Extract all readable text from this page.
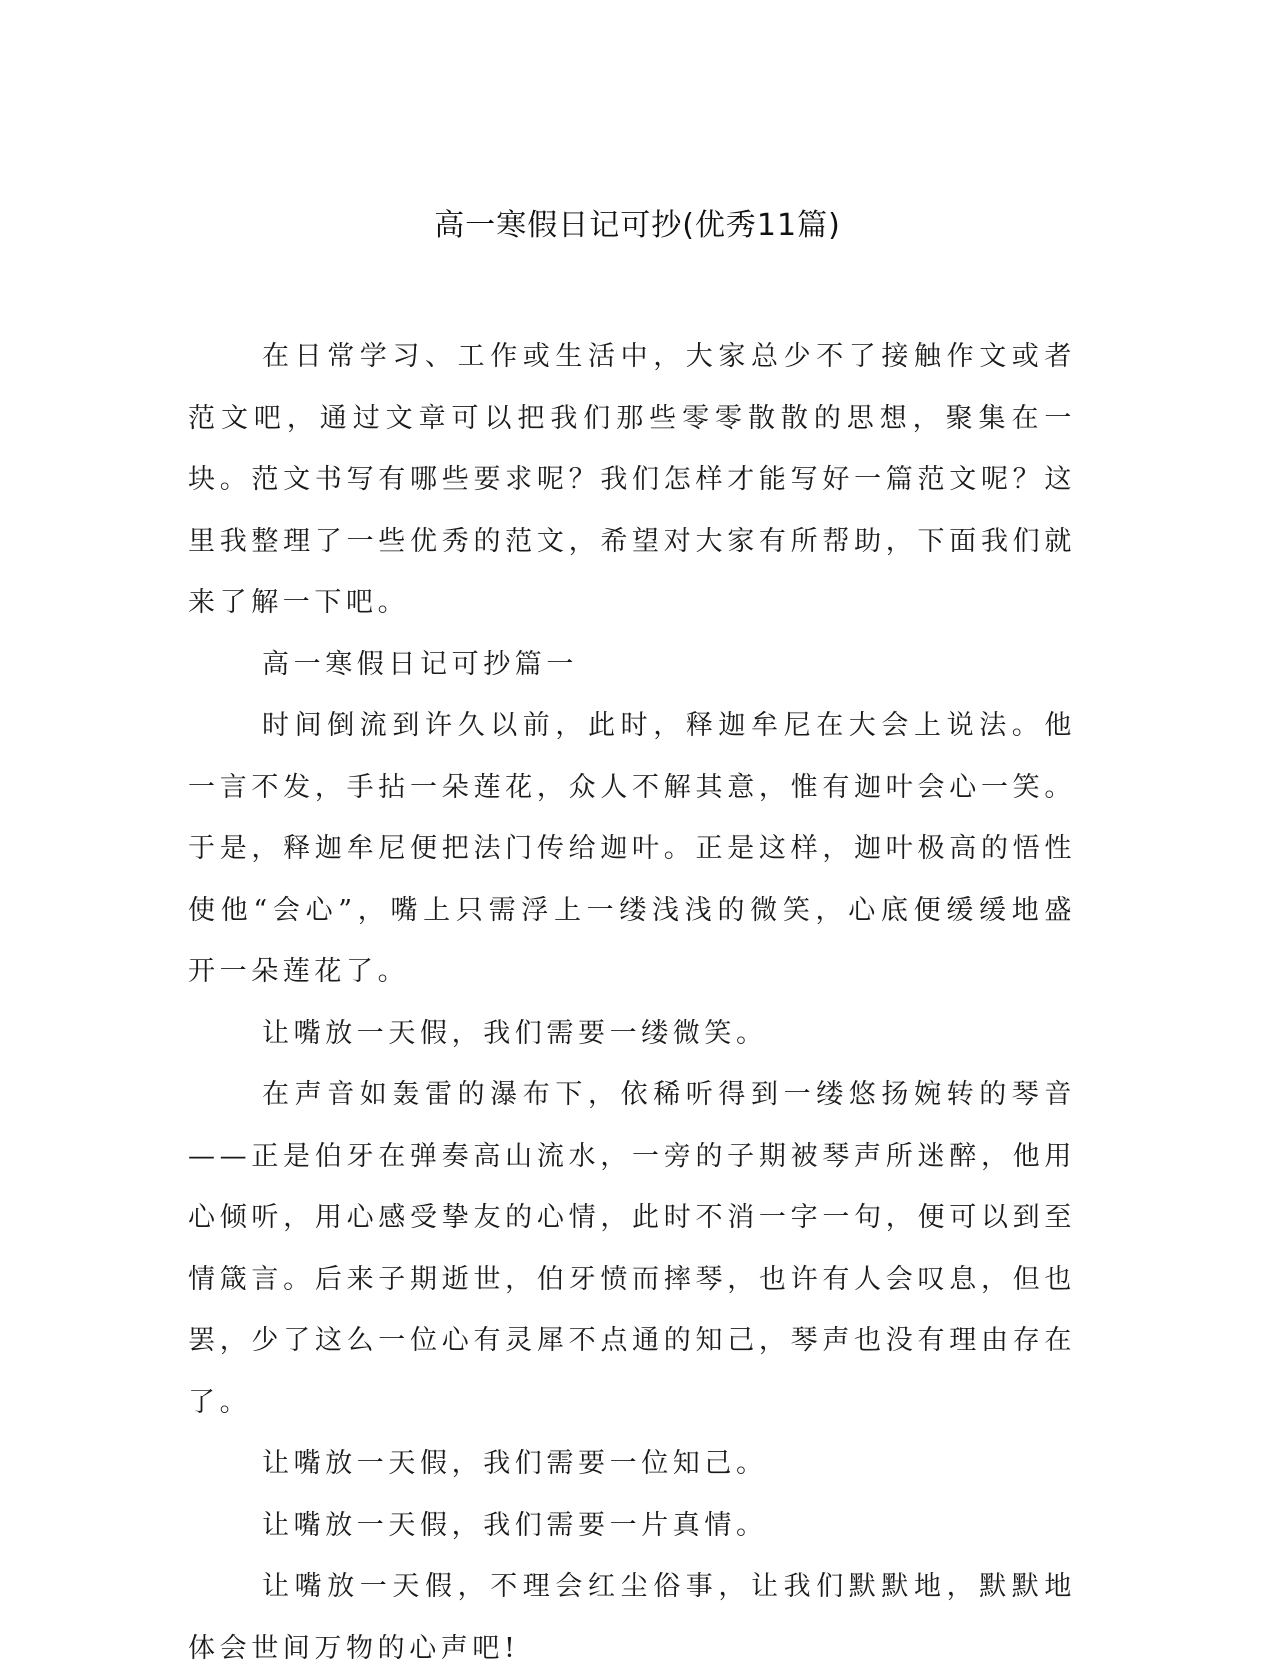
高一寒假日记可抄(优秀11篇)

在日常学习、工作或生活中，大家总少不了接触作文或者范文吧，通过文章可以把我们那些零零散散的思想，聚集在一块。范文书写有哪些要求呢？我们怎样才能写好一篇范文呢？这里我整理了一些优秀的范文，希望对大家有所帮助，下面我们就来了解一下吧。

高一寒假日记可抄篇一

时间倒流到许久以前，此时，释迦牟尼在大会上说法。他一言不发，手拈一朵莲花，众人不解其意，惟有迦叶会心一笑。于是，释迦牟尼便把法门传给迦叶。正是这样，迦叶极高的悟性使他“会心”，嘴上只需浮上一缕浅浅的微笑，心底便缓缓地盛开一朵莲花了。

让嘴放一天假，我们需要一缕微笑。

在声音如轰雷的瀑布下，依稀听得到一缕悠扬婉转的琴音——正是伯牙在弹奏高山流水，一旁的子期被琴声所迷醉，他用心倾听，用心感受挚友的心情，此时不消一字一句，便可以到至情箴言。后来子期逝世，伯牙愤而摔琴，也许有人会叹息，但也罢，少了这么一位心有灵犀不点通的知己，琴声也没有理由存在了。

让嘴放一天假，我们需要一位知己。

让嘴放一天假，我们需要一片真情。

让嘴放一天假，不理会红尘俗事，让我们默默地，默默地体会世间万物的心声吧!
